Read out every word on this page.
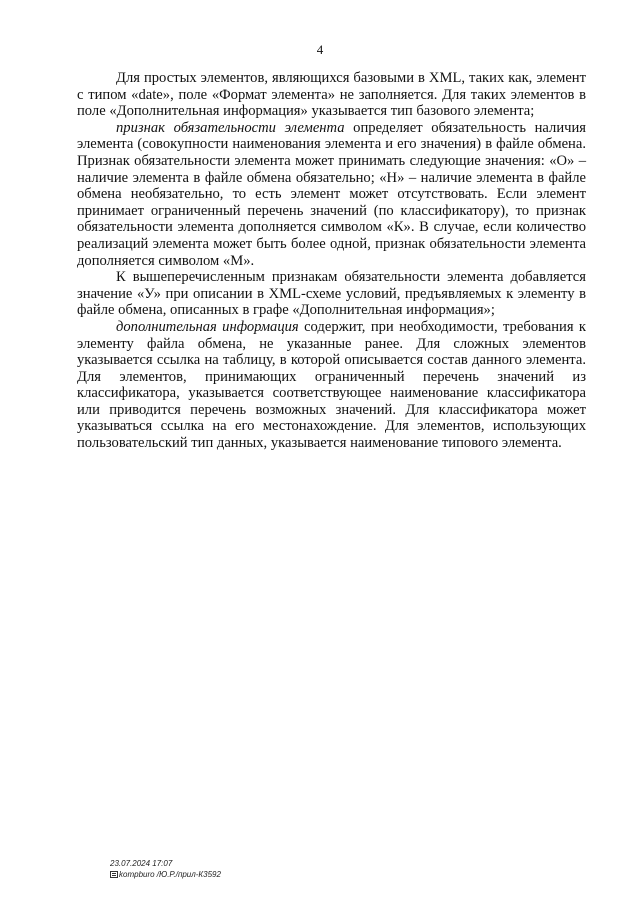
4

Для простых элементов, являющихся базовыми в XML, таких как, элемент с типом «date», поле «Формат элемента» не заполняется. Для таких элементов в поле «Дополнительная информация» указывается тип базового элемента;

признак обязательности элемента определяет обязательность наличия элемента (совокупности наименования элемента и его значения) в файле обмена. Признак обязательности элемента может принимать следующие значения: «О» – наличие элемента в файле обмена обязательно; «Н» – наличие элемента в файле обмена необязательно, то есть элемент может отсутствовать. Если элемент принимает ограниченный перечень значений (по классификатору), то признак обязательности элемента дополняется символом «К». В случае, если количество реализаций элемента может быть более одной, признак обязательности элемента дополняется символом «М».

К вышеперечисленным признакам обязательности элемента добавляется значение «У» при описании в XML-схеме условий, предъявляемых к элементу в файле обмена, описанных в графе «Дополнительная информация»;

дополнительная информация содержит, при необходимости, требования к элементу файла обмена, не указанные ранее. Для сложных элементов указывается ссылка на таблицу, в которой описывается состав данного элемента. Для элементов, принимающих ограниченный перечень значений из классификатора, указывается соответствующее наименование классификатора или приводится перечень возможных значений. Для классификатора может указываться ссылка на его местонахождение. Для элементов, использующих пользовательский тип данных, указывается наименование типового элемента.

23.07.2024 17:07
kompburo /Ю.Р./прил-К3592
